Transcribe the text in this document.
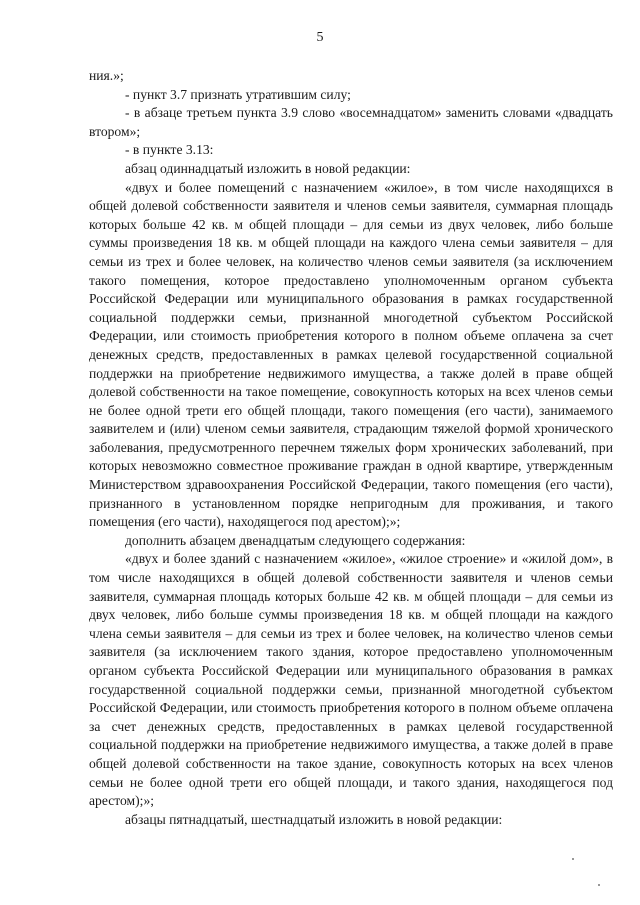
5

ния.»;

- пункт 3.7 признать утратившим силу;

- в абзаце третьем пункта 3.9 слово «восемнадцатом» заменить словами «двадцать втором»;

- в пункте 3.13:

абзац одиннадцатый изложить в новой редакции:

«двух и более помещений с назначением «жилое», в том числе находящихся в общей долевой собственности заявителя и членов семьи заявителя, суммарная площадь которых больше 42 кв. м общей площади – для семьи из двух человек, либо больше суммы произведения 18 кв. м общей площади на каждого члена семьи заявителя – для семьи из трех и более человек, на количество членов семьи заявителя (за исключением такого помещения, которое предоставлено уполномоченным органом субъекта Российской Федерации или муниципального образования в рамках государственной социальной поддержки семьи, признанной многодетной субъектом Российской Федерации, или стоимость приобретения которого в полном объеме оплачена за счет денежных средств, предоставленных в рамках целевой государственной социальной поддержки на приобретение недвижимого имущества, а также долей в праве общей долевой собственности на такое помещение, совокупность которых на всех членов семьи не более одной трети его общей площади, такого помещения (его части), занимаемого заявителем и (или) членом семьи заявителя, страдающим тяжелой формой хронического заболевания, предусмотренного перечнем тяжелых форм хронических заболеваний, при которых невозможно совместное проживание граждан в одной квартире, утвержденным Министерством здравоохранения Российской Федерации, такого помещения (его части), признанного в установленном порядке непригодным для проживания, и такого помещения (его части), находящегося под арестом);»;

дополнить абзацем двенадцатым следующего содержания:

«двух и более зданий с назначением «жилое», «жилое строение» и «жилой дом», в том числе находящихся в общей долевой собственности заявителя и членов семьи заявителя, суммарная площадь которых больше 42 кв. м общей площади – для семьи из двух человек, либо больше суммы произведения 18 кв. м общей площади на каждого члена семьи заявителя – для семьи из трех и более человек, на количество членов семьи заявителя (за исключением такого здания, которое предоставлено уполномоченным органом субъекта Российской Федерации или муниципального образования в рамках государственной социальной поддержки семьи, признанной многодетной субъектом Российской Федерации, или стоимость приобретения которого в полном объеме оплачена за счет денежных средств, предоставленных в рамках целевой государственной социальной поддержки на приобретение недвижимого имущества, а также долей в праве общей долевой собственности на такое здание, совокупность которых на всех членов семьи не более одной трети его общей площади, и такого здания, находящегося под арестом);»;

абзацы пятнадцатый, шестнадцатый изложить в новой редакции:
